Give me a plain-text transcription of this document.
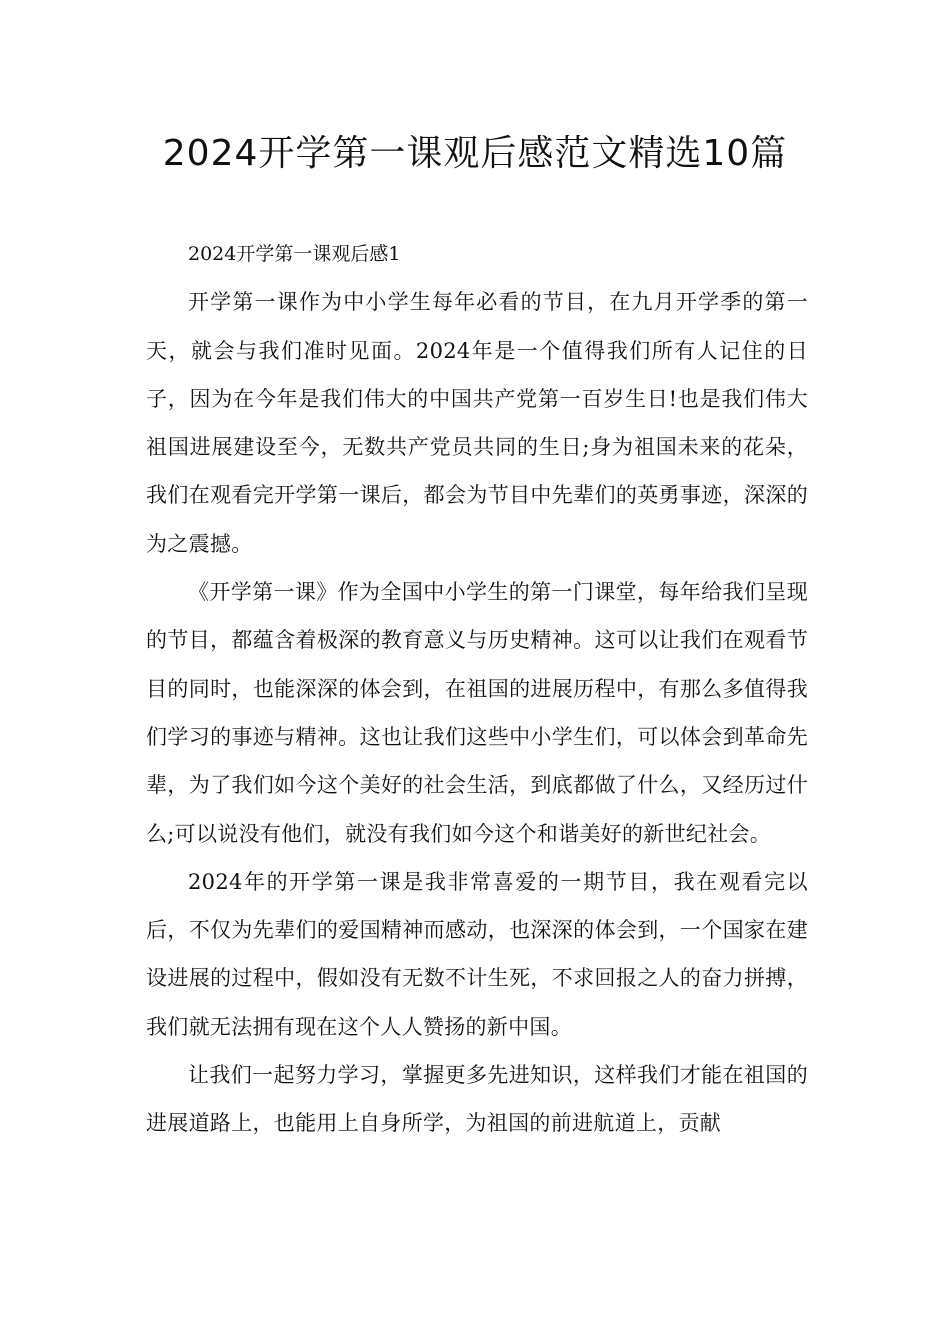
2024开学第一课观后感范文精选10篇

2024开学第一课观后感1

开学第一课作为中小学生每年必看的节目，在九月开学季的第一天，就会与我们准时见面。2024年是一个值得我们所有人记住的日子，因为在今年是我们伟大的中国共产党第一百岁生日!也是我们伟大祖国进展建设至今，无数共产党员共同的生日;身为祖国未来的花朵，我们在观看完开学第一课后，都会为节目中先辈们的英勇事迹，深深的为之震撼。

《开学第一课》作为全国中小学生的第一门课堂，每年给我们呈现的节目，都蕴含着极深的教育意义与历史精神。这可以让我们在观看节目的同时，也能深深的体会到，在祖国的进展历程中，有那么多值得我们学习的事迹与精神。这也让我们这些中小学生们，可以体会到革命先辈，为了我们如今这个美好的社会生活，到底都做了什么，又经历过什么;可以说没有他们，就没有我们如今这个和谐美好的新世纪社会。

2024年的开学第一课是我非常喜爱的一期节目，我在观看完以后，不仅为先辈们的爱国精神而感动，也深深的体会到，一个国家在建设进展的过程中，假如没有无数不计生死，不求回报之人的奋力拼搏，我们就无法拥有现在这个人人赞扬的新中国。

让我们一起努力学习，掌握更多先进知识，这样我们才能在祖国的进展道路上，也能用上自身所学，为祖国的前进航道上，贡献
